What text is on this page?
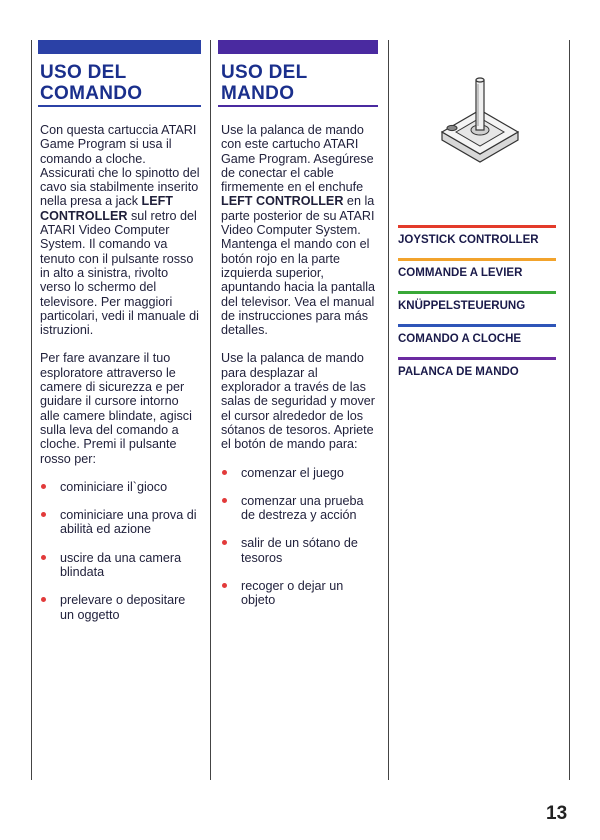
USO DEL
COMANDO

Con questa cartuccia ATARI Game Program si usa il comando a cloche. Assicurati che lo spinotto del cavo sia stabilmente inserito nella presa a jack LEFT CONTROLLER sul retro del ATARI Video Computer System. Il comando va tenuto con il pulsante rosso in alto a sinistra, rivolto verso lo schermo del televisore. Per maggiori particolari, vedi il manuale di istruzioni.

Per fare avanzare il tuo esploratore attraverso le camere di sicurezza e per guidare il cursore intorno alle camere blindate, agisci sulla leva del comando a cloche. Premi il pulsante rosso per:

cominiciare il`gioco
cominiciare una prova di abilità ed azione
uscire da una camera blindata
prelevare o depositare un oggetto
USO DEL
MANDO

Use la palanca de mando con este cartucho ATARI Game Program. Asegúrese de conectar el cable firmemente en el enchufe LEFT CONTROLLER en la parte posterior de su ATARI Video Computer System. Mantenga el mando con el botón rojo en la parte izquierda superior, apuntando hacia la pantalla del televisor. Vea el manual de instrucciones para más detalles.

Use la palanca de mando para desplazar al explorador a través de las salas de seguridad y mover el cursor alrededor de los sótanos de tesoros. Apriete el botón de mando para:

comenzar el juego
comenzar una prueba de destreza y acción
salir de un sótano de tesoros
recoger o dejar un objeto
JOYSTICK CONTROLLER
COMMANDE A LEVIER
KNÜPPELSTEUERUNG
COMANDO A CLOCHE
PALANCA DE MANDO
13
